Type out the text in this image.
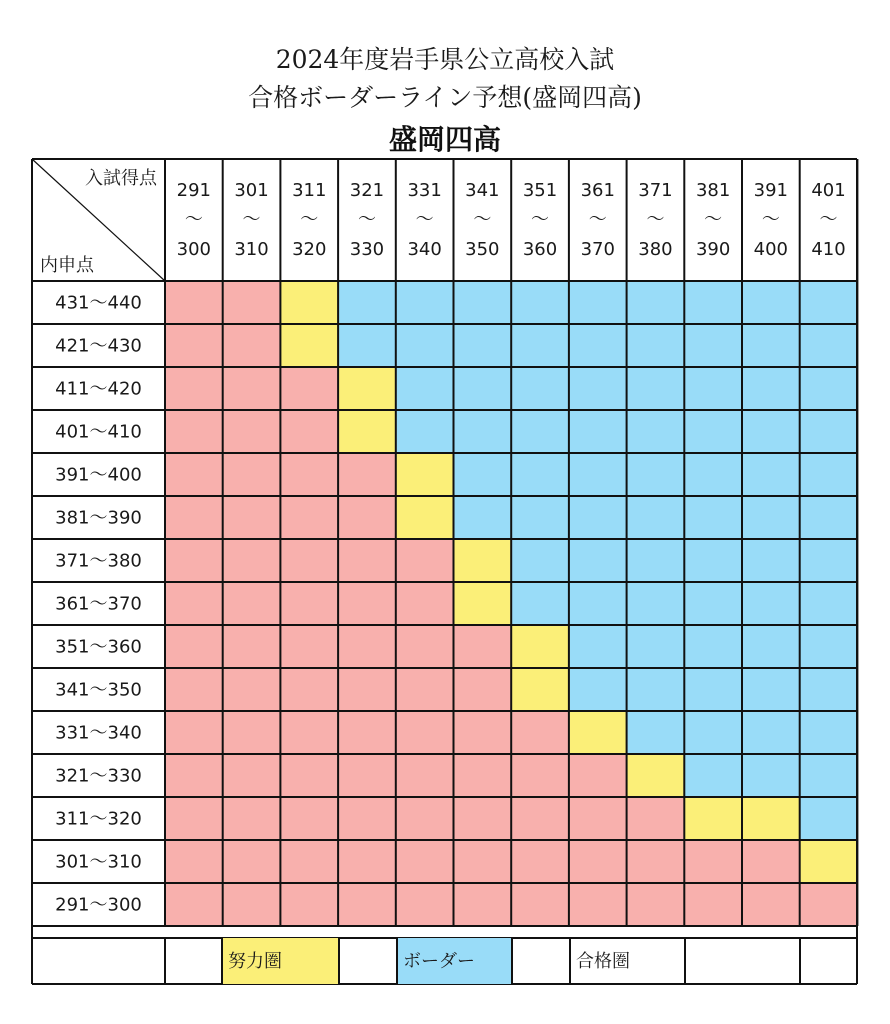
2024年度岩手県公立高校入試
合格ボーダーライン予想(盛岡四高)
盛岡四高
431〜440
421〜430
411〜420
401〜410
391〜400
381〜390
371〜380
361〜370
351〜360
341〜350
331〜340
321〜330
311〜320
301〜310
291〜300
291
〜
300
301
〜
310
311
〜
320
321
〜
330
331
〜
340
341
〜
350
351
〜
360
361
〜
370
371
〜
380
381
〜
390
391
〜
400
401
〜
410
入試得点
内申点
努力圏	ボーダー	合格圏
